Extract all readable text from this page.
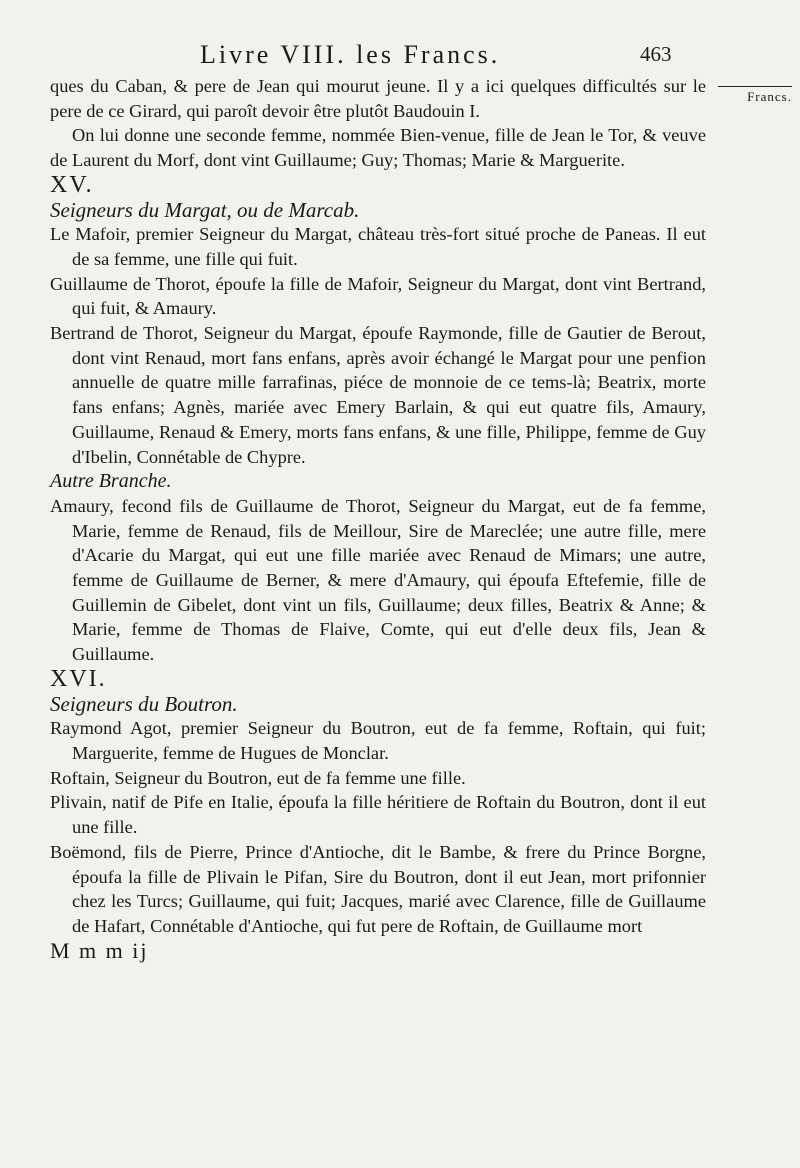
Livre VIII. les Francs.	463
Francs.

ques du Caban, & pere de Jean qui mourut jeune. Il y a ici quelques difficultés sur le pere de ce Girard, qui paroît devoir être plutôt Baudouin I.

On lui donne une seconde femme, nommée Bien-venue, fille de Jean le Tor, & veuve de Laurent du Morf, dont vint Guillaume; Guy; Thomas; Marie & Marguerite.

XV.

Seigneurs du Margat, ou de Marcab.

Le Mafoir, premier Seigneur du Margat, château très-fort situé proche de Paneas. Il eut de sa femme, une fille qui fuit.

Guillaume de Thorot, époufe la fille de Mafoir, Seigneur du Margat, dont vint Bertrand, qui fuit, & Amaury.

Bertrand de Thorot, Seigneur du Margat, époufe Raymonde, fille de Gautier de Berout, dont vint Renaud, mort fans enfans, après avoir échangé le Margat pour une penfion annuelle de quatre mille farrafinas, piéce de monnoie de ce tems-là; Beatrix, morte fans enfans; Agnès, mariée avec Emery Barlain, & qui eut quatre fils, Amaury, Guillaume, Renaud & Emery, morts fans enfans, & une fille, Philippe, femme de Guy d'Ibelin, Connétable de Chypre.

Autre Branche.

Amaury, fecond fils de Guillaume de Thorot, Seigneur du Margat, eut de fa femme, Marie, femme de Renaud, fils de Meillour, Sire de Mareclée; une autre fille, mere d'Acarie du Margat, qui eut une fille mariée avec Renaud de Mimars; une autre, femme de Guillaume de Berner, & mere d'Amaury, qui époufa Eftefemie, fille de Guillemin de Gibelet, dont vint un fils, Guillaume; deux filles, Beatrix & Anne; & Marie, femme de Thomas de Flaive, Comte, qui eut d'elle deux fils, Jean & Guillaume.

XVI.

Seigneurs du Boutron.

Raymond Agot, premier Seigneur du Boutron, eut de fa femme, Roftain, qui fuit; Marguerite, femme de Hugues de Monclar.

Roftain, Seigneur du Boutron, eut de fa femme une fille.

Plivain, natif de Pife en Italie, époufa la fille héritiere de Roftain du Boutron, dont il eut une fille.

Boëmond, fils de Pierre, Prince d'Antioche, dit le Bambe, & frere du Prince Borgne, époufa la fille de Plivain le Pifan, Sire du Boutron, dont il eut Jean, mort prifonnier chez les Turcs; Guillaume, qui fuit; Jacques, marié avec Clarence, fille de Guillaume de Hafart, Connétable d'Antioche, qui fut pere de Roftain, de Guillaume mort

M m m ij
